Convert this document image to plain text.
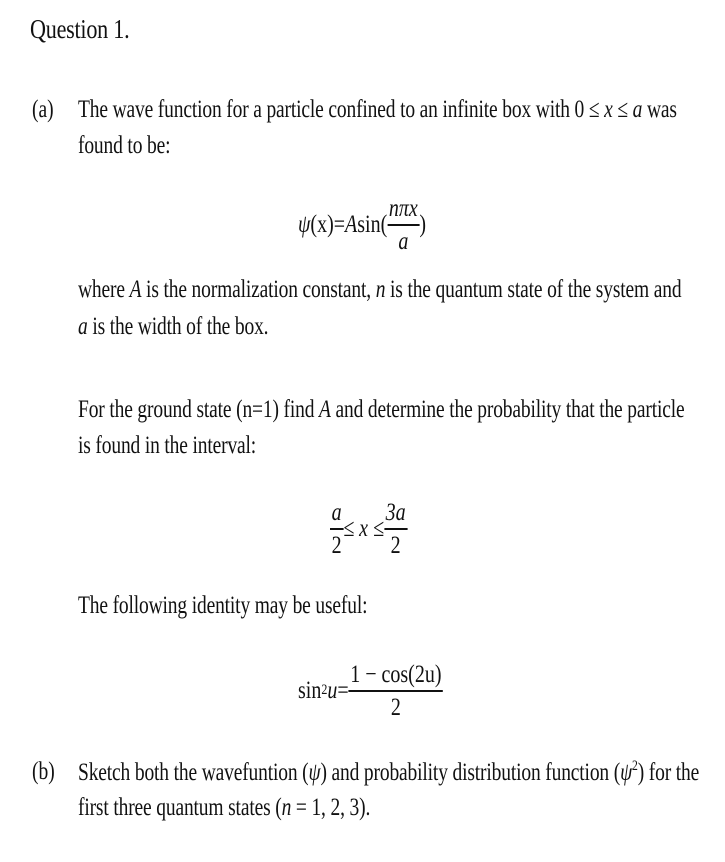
Question 1.
(a) The wave function for a particle confined to an infinite box with 0 ≤ x ≤ a was
found to be:
ψ (x) = A $\sin( \frac{\text{nπx}}{a}$ )
where A is the normalization constant, n is the quantum state of the system and
a is the width of the box.
For the ground state (n=1) find A and determine the probability that the particle
is found in the interval:
$\frac{a}{2} \le x \le \frac{3a}{2}$
The following identity may be useful:
sin 2 $u = \frac{1 - \cos(2u)}{2}$
(b) Sketch both the wavefuntion (ψ) and probability distribution function $(\psi^2)$ for the
first three quantum states (n = 1, 2, 3).
